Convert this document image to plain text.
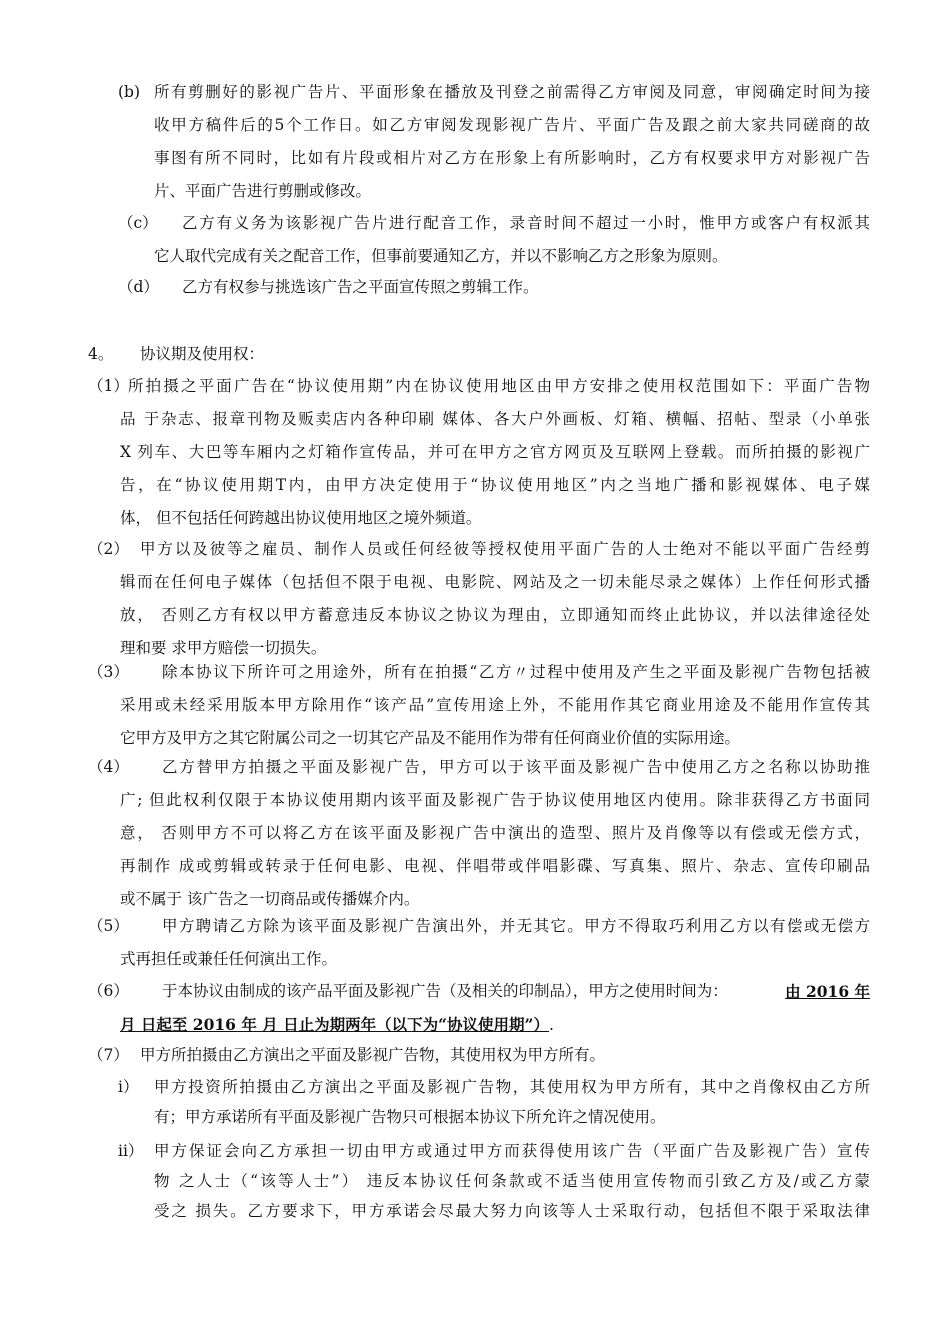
(b) 所有剪删好的影视广告片、平面形象在播放及刊登之前需得乙方审阅及同意，审阅确定时间为接
收甲方稿件后的5个工作日。如乙方审阅发现影视广告片、平面广告及跟之前大家共同磋商的故
事图有所不同时，比如有片段或相片对乙方在形象上有所影响时，乙方有权要求甲方对影视广告
片、平面广告进行剪删或修改。
（c） 乙方有义务为该影视广告片进行配音工作，录音时间不超过一小时，惟甲方或客户有权派其
它人取代完成有关之配音工作，但事前要通知乙方，并以不影响乙方之形象为原则。
（d） 乙方有权参与挑选该广告之平面宣传照之剪辑工作。
4。 协议期及使用权：
（1） 所拍摄之平面广告在“协议使用期”内在协议使用地区由甲方安排之使用权范围如下：平面广告物
品 于杂志、报章刊物及贩卖店内各种印刷 媒体、各大户外画板、灯箱、横幅、招帖、型录（小单张
X 列车、大巴等车厢内之灯箱作宣传品，并可在甲方之官方网页及互联网上登载。而所拍摄的影视广
告，在“协议使用期T内，由甲方决定使用于“协议使用地区”内之当地广播和影视媒体、电子媒
体， 但不包括任何跨越出协议使用地区之境外频道。
（2） 甲方以及彼等之雇员、制作人员或任何经彼等授权使用平面广告的人士绝对不能以平面广告经剪
辑而在任何电子媒体（包括但不限于电视、电影院、网站及之一切未能尽录之媒体）上作任何形式播
放， 否则乙方有权以甲方蓄意违反本协议之协议为理由，立即通知而终止此协议，并以法律途径处
理和要 求甲方赔偿一切损失。
（3） 除本协议下所许可之用途外，所有在拍摄“乙方〃过程中使用及产生之平面及影视广告物包括被
采用或未经采用版本甲方除用作“该产品”宣传用途上外，不能用作其它商业用途及不能用作宣传其
它甲方及甲方之其它附属公司之一切其它产品及不能用作为带有任何商业价值的实际用途。
（4） 乙方替甲方拍摄之平面及影视广告，甲方可以于该平面及影视广告中使用乙方之名称以协助推
广; 但此权利仅限于本协议使用期内该平面及影视广告于协议使用地区内使用。除非获得乙方书面同
意， 否则甲方不可以将乙方在该平面及影视广告中演出的造型、照片及肖像等以有偿或无偿方式，
再制作 成或剪辑或转录于任何电影、电视、伴唱带或伴唱影碟、写真集、照片、杂志、宣传印刷品
或不属于 该广告之一切商品或传播媒介内。
（5） 甲方聘请乙方除为该平面及影视广告演出外，并无其它。甲方不得取巧利用乙方以有偿或无偿方
式再担任或兼任任何演出工作。
（6） 于本协议由制成的该产品平面及影视广告（及相关的印制品），甲方之使用时间为：	由 2016 年
月 日起至 2016 年 月 日止为期两年（以下为“协议使用期”）.
（7） 甲方所拍摄由乙方演出之平面及影视广告物，其使用权为甲方所有。
i） 甲方投资所拍摄由乙方演出之平面及影视广告物，其使用权为甲方所有，其中之肖像权由乙方所
有；甲方承诺所有平面及影视广告物只可根据本协议下所允许之情况使用。
ii） 甲方保证会向乙方承担一切由甲方或通过甲方而获得使用该广告（平面广告及影视广告）宣传
物 之人士（“该等人士”） 违反本协议任何条款或不适当使用宣传物而引致乙方及/或乙方蒙
受之 损失。乙方要求下，甲方承诺会尽最大努力向该等人士采取行动，包括但不限于采取法律
